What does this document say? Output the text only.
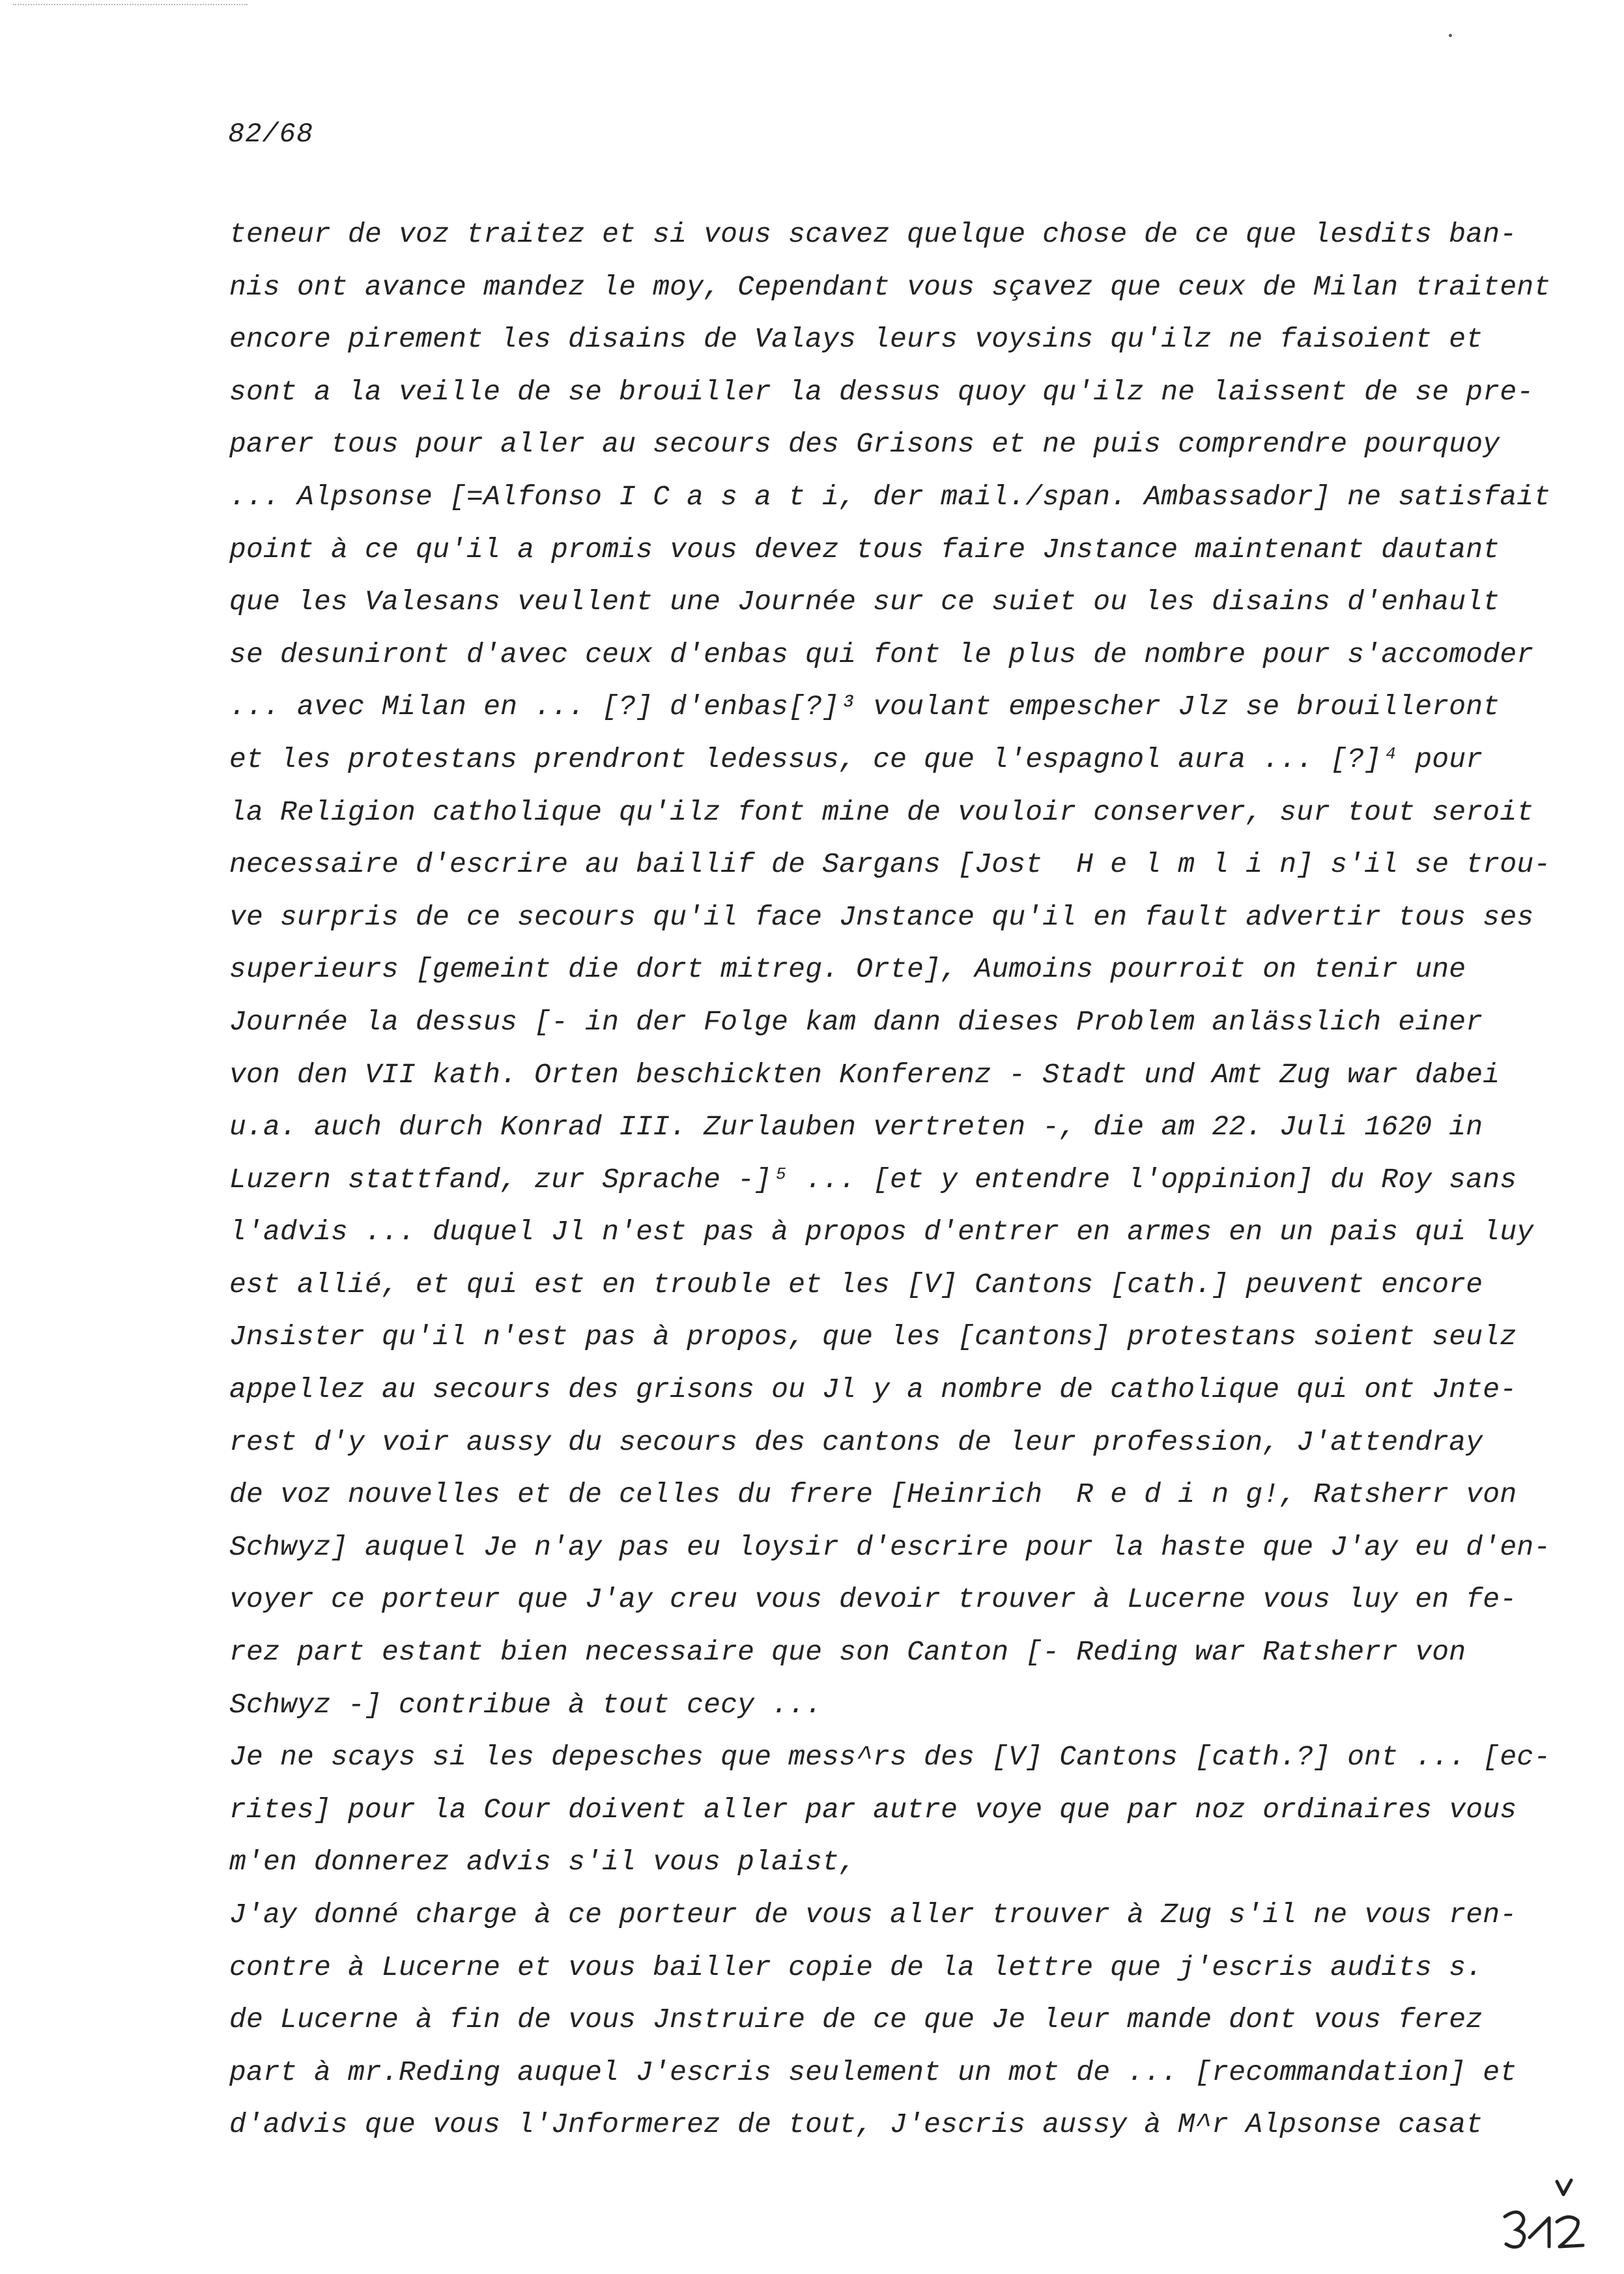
82/68
teneur de voz traitez et si vous scavez quelque chose de ce que lesdits ban-
nis ont avance mandez le moy, Cependant vous sçavez que ceux de Milan traitent
encore pirement les disains de Valays leurs voysins qu'ilz ne faisoient et
sont a la veille de se brouiller la dessus quoy qu'ilz ne laissent de se pre-
parer tous pour aller au secours des Grisons et ne puis comprendre pourquoy
... Alpsonse [=Alfonso I C a s a t i, der mail./span. Ambassador] ne satisfait
point à ce qu'il a promis vous devez tous faire Jnstance maintenant dautant
que les Valesans veullent une Journée sur ce suiet ou les disains d'enhault
se desuniront d'avec ceux d'enbas qui font le plus de nombre pour s'accomoder
... avec Milan en ... [?] d'enbas[?]³ voulant empescher Jlz se brouilleront
et les protestans prendront ledessus, ce que l'espagnol aura ... [?]⁴ pour
la Religion catholique qu'ilz font mine de vouloir conserver, sur tout seroit
necessaire d'escrire au baillif de Sargans [Jost  H e l m l i n] s'il se trou-
ve surpris de ce secours qu'il face Jnstance qu'il en fault advertir tous ses
superieurs [gemeint die dort mitreg. Orte], Aumoins pourroit on tenir une
Journée la dessus [- in der Folge kam dann dieses Problem anlässlich einer
von den VII kath. Orten beschickten Konferenz - Stadt und Amt Zug war dabei
u.a. auch durch Konrad III. Zurlauben vertreten -, die am 22. Juli 1620 in
Luzern stattfand, zur Sprache -]⁵ ... [et y entendre l'oppinion] du Roy sans
l'advis ... duquel Jl n'est pas à propos d'entrer en armes en un pais qui luy
est allié, et qui est en trouble et les [V] Cantons [cath.] peuvent encore
Jnsister qu'il n'est pas à propos, que les [cantons] protestans soient seulz
appellez au secours des grisons ou Jl y a nombre de catholique qui ont Jnte-
rest d'y voir aussy du secours des cantons de leur profession, J'attendray
de voz nouvelles et de celles du frere [Heinrich  R e d i n g!, Ratsherr von
Schwyz] auquel Je n'ay pas eu loysir d'escrire pour la haste que J'ay eu d'en-
voyer ce porteur que J'ay creu vous devoir trouver à Lucerne vous luy en fe-
rez part estant bien necessaire que son Canton [- Reding war Ratsherr von
Schwyz -] contribue à tout cecy ...
Je ne scays si les depesches que mess^rs des [V] Cantons [cath.?] ont ... [ec-
rites] pour la Cour doivent aller par autre voye que par noz ordinaires vous
m'en donnerez advis s'il vous plaist,
J'ay donné charge à ce porteur de vous aller trouver à Zug s'il ne vous ren-
contre à Lucerne et vous bailler copie de la lettre que j'escris audits s.
de Lucerne à fin de vous Jnstruire de ce que Je leur mande dont vous ferez
part à mr.Reding auquel J'escris seulement un mot de ... [recommandation] et
d'advis que vous l'Jnformerez de tout, J'escris aussy à M^r Alpsonse casat
v 312
